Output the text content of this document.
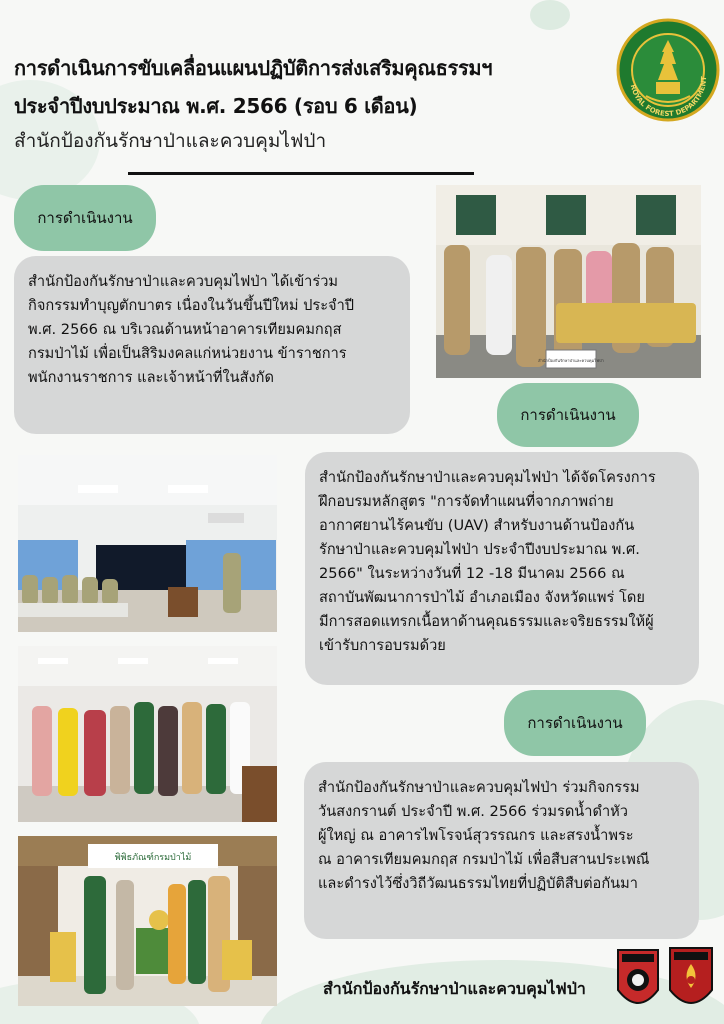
การดำเนินการขับเคลื่อนแผนปฏิบัติการส่งเสริมคุณธรรมฯ
ประจำปีงบประมาณ พ.ศ. 2566 (รอบ 6 เดือน)
สำนักป้องกันรักษาป่าและควบคุมไฟป่า
ROYAL FOREST DEPARTMENT
การดำเนินงาน
สำนักป้องกันรักษาป่าและควบคุมไฟป่า ได้เข้าร่วม
กิจกรรมทำบุญตักบาตร เนื่องในวันขึ้นปีใหม่ ประจำปี
พ.ศ. 2566 ณ บริเวณด้านหน้าอาคารเทียมคมกฤส
กรมป่าไม้ เพื่อเป็นสิริมงคลแก่หน่วยงาน ข้าราชการ
พนักงานราชการ และเจ้าหน้าที่ในสังกัด
สำนักป้องกันรักษาป่าและควบคุมไฟป่า
การดำเนินงาน
สำนักป้องกันรักษาป่าและควบคุมไฟป่า ได้จัดโครงการ
ฝึกอบรมหลักสูตร "การจัดทำแผนที่จากภาพถ่าย
อากาศยานไร้คนขับ (UAV) สำหรับงานด้านป้องกัน
รักษาป่าและควบคุมไฟป่า ประจำปีงบประมาณ พ.ศ.
2566" ในระหว่างวันที่ 12 -18 มีนาคม 2566 ณ
สถาบันพัฒนาการป่าไม้ อำเภอเมือง จังหวัดแพร่ โดย
มีการสอดแทรกเนื้อหาด้านคุณธรรมและจริยธรรมให้ผู้
เข้ารับการอบรมด้วย
การดำเนินงาน
สำนักป้องกันรักษาป่าและควบคุมไฟป่า ร่วมกิจกรรม
วันสงกรานต์ ประจำปี พ.ศ. 2566 ร่วมรดน้ำดำหัว
ผู้ใหญ่ ณ อาคารไพโรจน์สุวรรณกร และสรงน้ำพระ
ณ อาคารเทียมคมกฤส กรมป่าไม้ เพื่อสืบสานประเพณี
และดำรงไว้ซึ่งวิถีวัฒนธรรมไทยที่ปฏิบัติสืบต่อกันมา
พิพิธภัณฑ์กรมป่าไม้
สำนักป้องกันรักษาป่าและควบคุมไฟป่า
